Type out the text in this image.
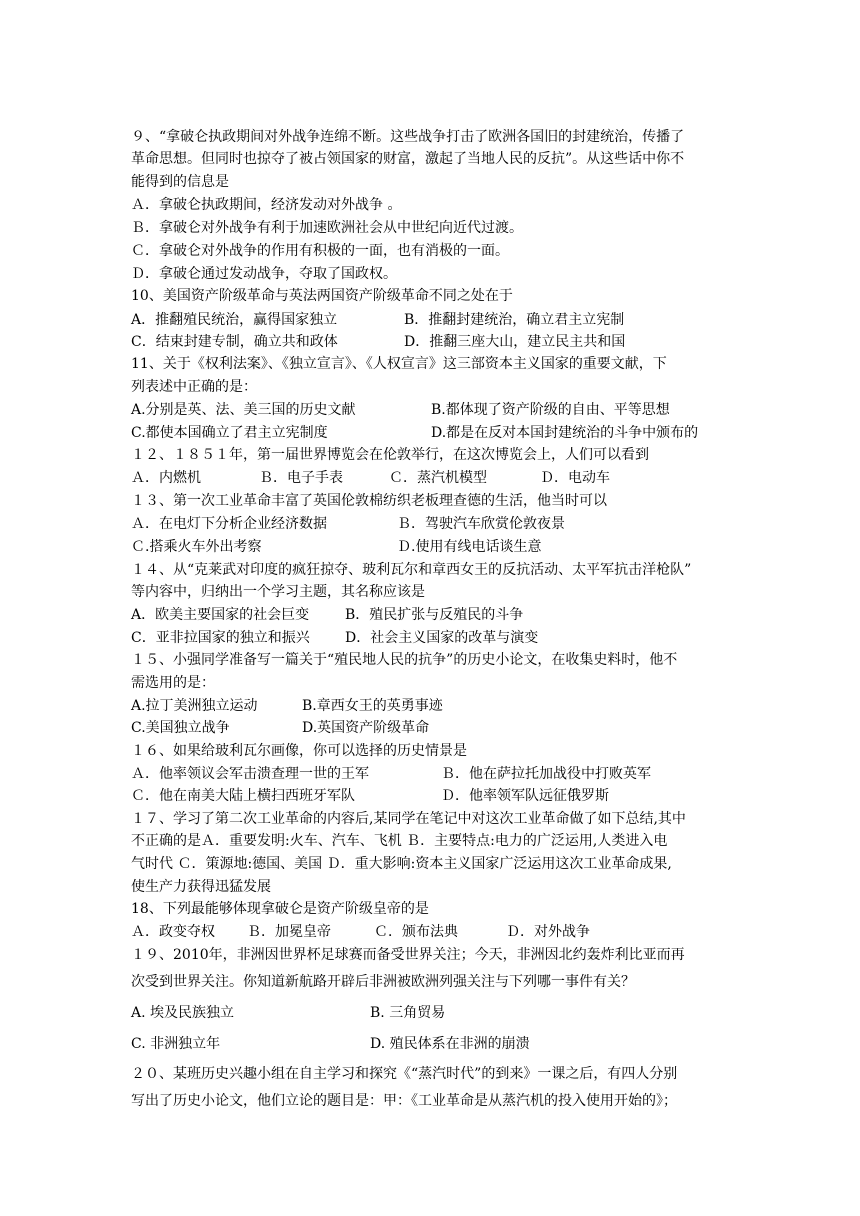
９、“拿破仑执政期间对外战争连绵不断。这些战争打击了欧洲各国旧的封建统治，传播了
革命思想。但同时也掠夺了被占领国家的财富，激起了当地人民的反抗”。从这些话中你不
能得到的信息是
Ａ．拿破仑执政期间，经济发动对外战争 。
Ｂ．拿破仑对外战争有利于加速欧洲社会从中世纪向近代过渡。
Ｃ．拿破仑对外战争的作用有积极的一面，也有消极的一面。
Ｄ．拿破仑通过发动战争，夺取了国政权。
10、美国资产阶级革命与英法两国资产阶级革命不同之处在于
A．推翻殖民统治，赢得国家独立	B．推翻封建统治，确立君主立宪制
C．结束封建专制，确立共和政体	D．推翻三座大山，建立民主共和国
11、关于《权利法案》、《独立宣言》、《人权宣言》这三部资本主义国家的重要文献，下
列表述中正确的是：
A.分别是英、法、美三国的历史文献	B.都体现了资产阶级的自由、平等思想
C.都使本国确立了君主立宪制度	D.都是在反对本国封建统治的斗争中颁布的
１２、１８５１年，第一届世界博览会在伦敦举行，在这次博览会上，人们可以看到
Ａ．内燃机	Ｂ．电子手表	Ｃ．蒸汽机模型	Ｄ．电动车
１３、第一次工业革命丰富了英国伦敦棉纺织老板理查德的生活，他当时可以
Ａ．在电灯下分析企业经济数据	Ｂ．驾驶汽车欣赏伦敦夜景
Ｃ.搭乘火车外出考察	Ｄ.使用有线电话谈生意
１４、从“克莱武对印度的疯狂掠夺、玻利瓦尔和章西女王的反抗活动、太平军抗击洋枪队”
等内容中，归纳出一个学习主题，其名称应该是
A．欧美主要国家的社会巨变	B．殖民扩张与反殖民的斗争
C．亚非拉国家的独立和振兴	D．社会主义国家的改革与演变
１５、小强同学准备写一篇关于“殖民地人民的抗争”的历史小论文，在收集史料时，他不
需选用的是：
A.拉丁美洲独立运动	B.章西女王的英勇事迹
C.美国独立战争	D.英国资产阶级革命
１６、如果给玻利瓦尔画像，你可以选择的历史情景是
Ａ．他率领议会军击溃查理一世的王军	Ｂ．他在萨拉托加战役中打败英军
Ｃ．他在南美大陆上横扫西班牙军队	Ｄ．他率领军队远征俄罗斯
１７、学习了第二次工业革命的内容后,某同学在笔记中对这次工业革命做了如下总结,其中
不正确的是Ａ．重要发明:火车、汽车、飞机 Ｂ．主要特点:电力的广泛运用,人类进入电
气时代 Ｃ．策源地:德国、美国 Ｄ．重大影响:资本主义国家广泛运用这次工业革命成果,
使生产力获得迅猛发展
18、下列最能够体现拿破仑是资产阶级皇帝的是
Ａ．政变夺权 Ｂ．加冕皇帝	Ｃ．颁布法典	Ｄ．对外战争
１９、2010年，非洲因世界杯足球赛而备受世界关注；今天，非洲因北约轰炸利比亚而再
次受到世界关注。你知道新航路开辟后非洲被欧洲列强关注与下列哪一事件有关？
A. 埃及民族独立	B. 三角贸易
C. 非洲独立年	D. 殖民体系在非洲的崩溃
２０、某班历史兴趣小组在自主学习和探究《“蒸汽时代”的到来》一课之后，有四人分别
写出了历史小论文，他们立论的题目是：甲：《工业革命是从蒸汽机的投入使用开始的》；
